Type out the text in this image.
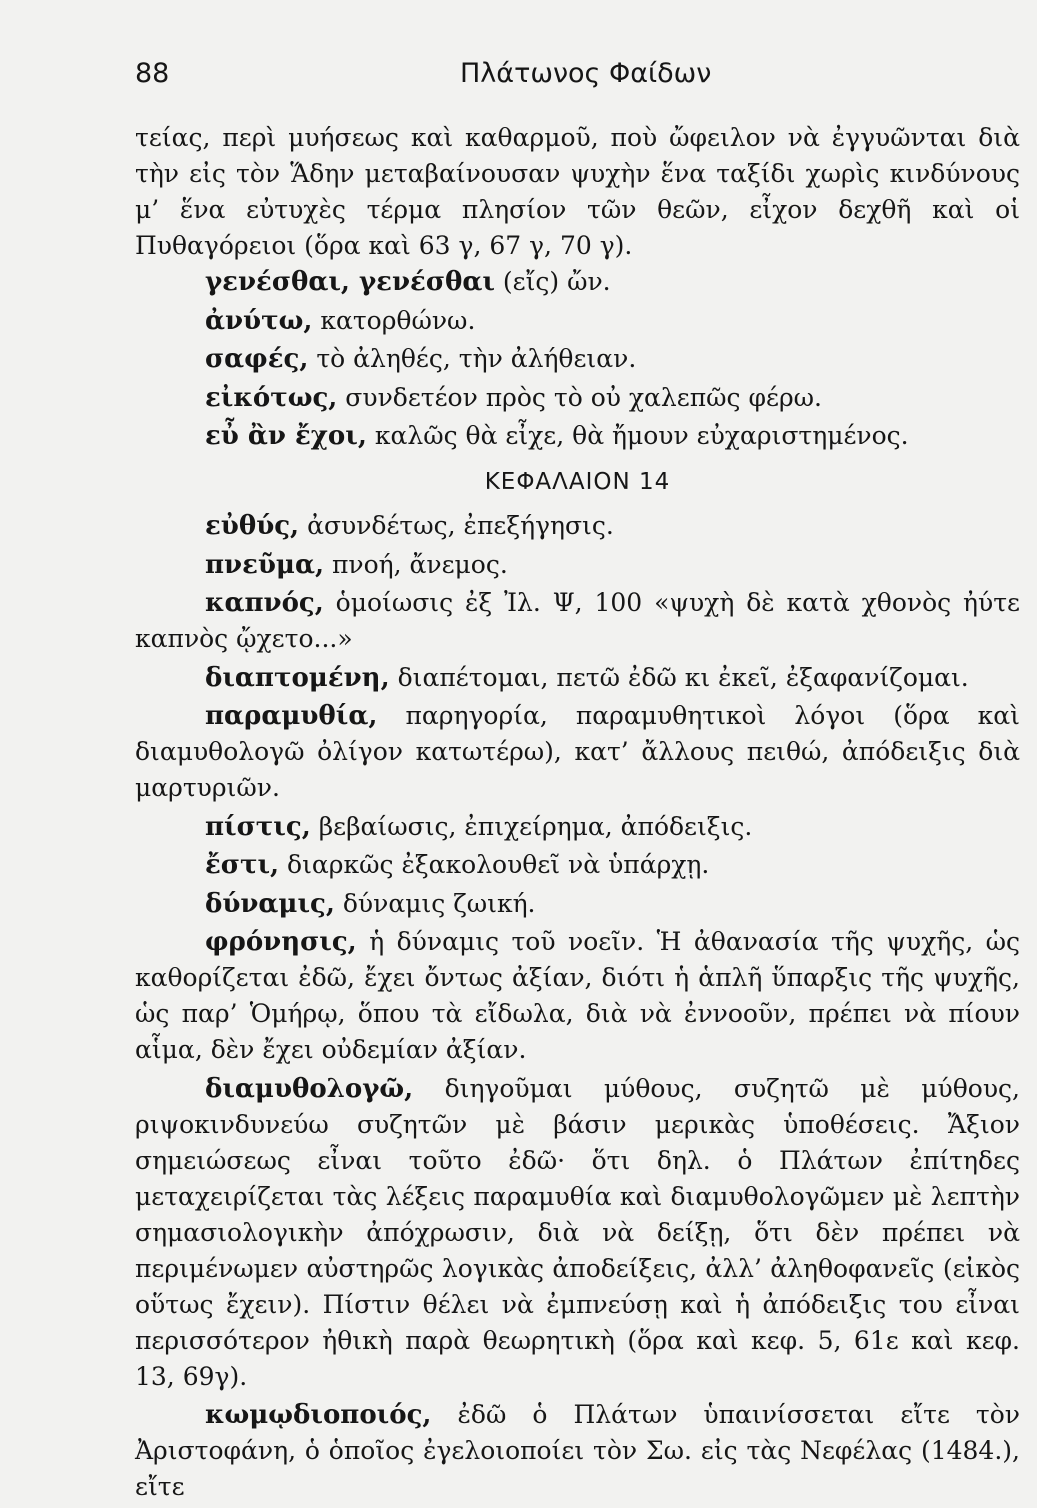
88	Πλάτωνος Φαίδων

τείας, περὶ μυήσεως καὶ καθαρμοῦ, ποὺ ὤφειλον νὰ ἐγγυῶνται διὰ τὴν εἰς τὸν Ἅδην μεταβαίνουσαν ψυχὴν ἕνα ταξίδι χωρὶς κινδύνους μ’ ἕνα εὐτυχὲς τέρμα πλησίον τῶν θεῶν, εἶχον δεχθῆ καὶ οἱ Πυθαγόρειοι (ὅρα καὶ 63 γ, 67 γ, 70 γ).

γενέσθαι, γενέσθαι (εἴς) ὤν.

ἀνύτω, κατορθώνω.

σαφές, τὸ ἀληθές, τὴν ἀλήθειαν.

εἰκότως, συνδετέον πρὸς τὸ οὐ χαλεπῶς φέρω.

εὖ ἂν ἔχοι, καλῶς θὰ εἶχε, θὰ ἤμουν εὐχαριστημένος.

ΚΕΦΑΛΑΙΟΝ 14

εὐθύς, ἀσυνδέτως, ἐπεξήγησις.

πνεῦμα, πνοή, ἄνεμος.

καπνός, ὁμοίωσις ἐξ Ἰλ. Ψ, 100 «ψυχὴ δὲ κατὰ χθονὸς ἠύτε καπνὸς ᾤχετο...»

διαπτομένη, διαπέτομαι, πετῶ ἐδῶ κι ἐκεῖ, ἐξαφανίζομαι.

παραμυθία, παρηγορία, παραμυθητικοὶ λόγοι (ὅρα καὶ διαμυθολογῶ ὀλίγον κατωτέρω), κατ’ ἄλλους πειθώ, ἀπόδειξις διὰ μαρτυριῶν.

πίστις, βεβαίωσις, ἐπιχείρημα, ἀπόδειξις.

ἔστι, διαρκῶς ἐξακολουθεῖ νὰ ὑπάρχῃ.

δύναμις, δύναμις ζωική.

φρόνησις, ἡ δύναμις τοῦ νοεῖν. Ἡ ἀθανασία τῆς ψυχῆς, ὡς καθορίζεται ἐδῶ, ἔχει ὄντως ἀξίαν, διότι ἡ ἁπλῆ ὕπαρξις τῆς ψυχῆς, ὡς παρ’ Ὁμήρῳ, ὅπου τὰ εἴδωλα, διὰ νὰ ἐννοοῦν, πρέπει νὰ πίουν αἷμα, δὲν ἔχει οὐδεμίαν ἀξίαν.

διαμυθολογῶ, διηγοῦμαι μύθους, συζητῶ μὲ μύθους, ριψοκινδυνεύω συζητῶν μὲ βάσιν μερικὰς ὑποθέσεις. Ἄξιον σημειώσεως εἶναι τοῦτο ἐδῶ· ὅτι δηλ. ὁ Πλάτων ἐπίτηδες μεταχειρίζεται τὰς λέξεις παραμυθία καὶ διαμυθολογῶμεν μὲ λεπτὴν σημασιολογικὴν ἀπόχρωσιν, διὰ νὰ δείξῃ, ὅτι δὲν πρέπει νὰ περιμένωμεν αὐστηρῶς λογικὰς ἀποδείξεις, ἀλλ’ ἀληθοφανεῖς (εἰκὸς οὕτως ἔχειν). Πίστιν θέλει νὰ ἐμπνεύσῃ καὶ ἡ ἀπόδειξις του εἶναι περισσότερον ἠθικὴ παρὰ θεωρητικὴ (ὅρα καὶ κεφ. 5, 61ε καὶ κεφ. 13, 69γ).

κωμῳδιοποιός, ἐδῶ ὁ Πλάτων ὑπαινίσσεται εἴτε τὸν Ἀριστοφάνη, ὁ ὁποῖος ἐγελοιοποίει τὸν Σω. εἰς τὰς Νεφέλας (1484.), εἴτε
